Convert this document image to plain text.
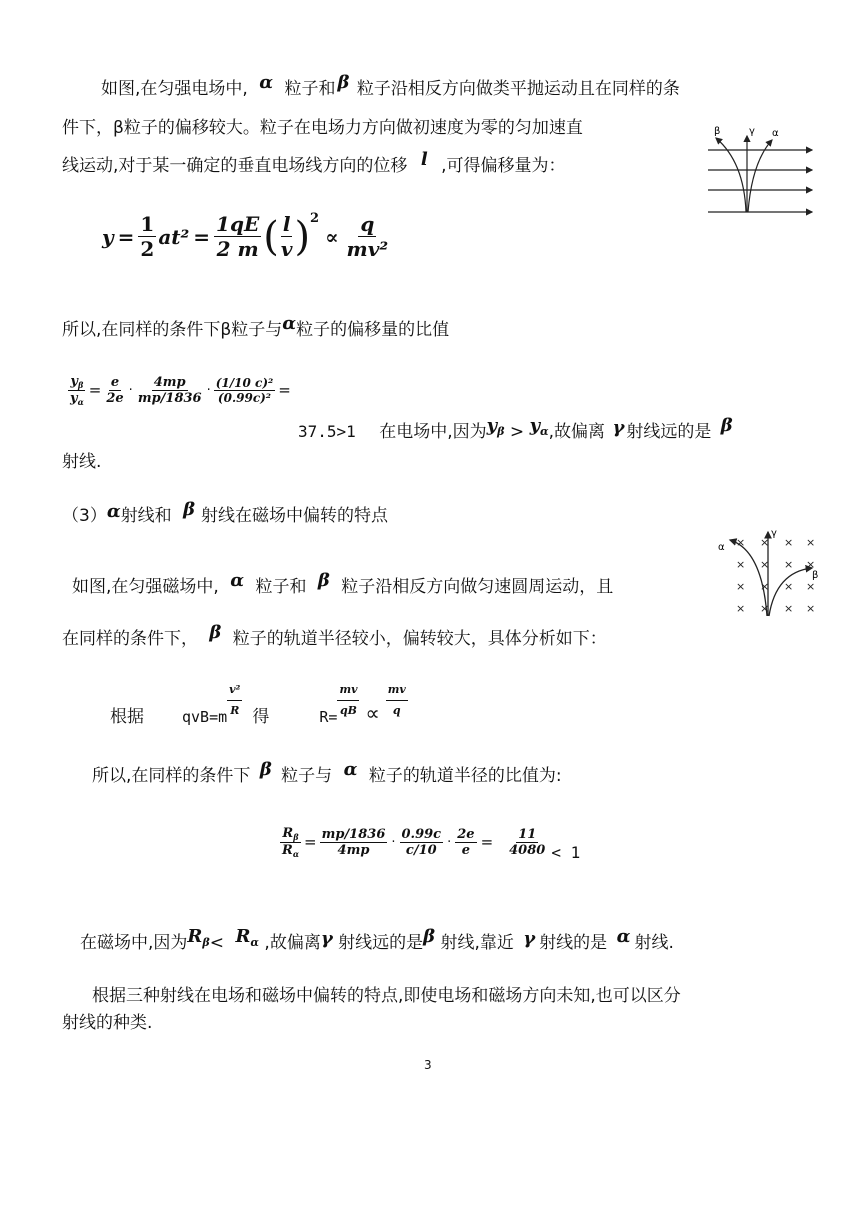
如图,在匀强电场中, α 粒子和 β 粒子沿相反方向做类平抛运动且在同样的条
件下，β粒子的偏移较大。粒子在电场力方向做初速度为零的匀加速直
线运动,对于某一确定的垂直电场线方向的位移 l ,可得偏移量为：
β	γ α
$y = \frac{1}{2} at^2 = \frac{1qE}{2 m}$ ( $\frac{l}{v}$ ) 2
∝ $\frac{q}{\text{mv²}}$
所以,在同样的条件下β粒子与α粒子的偏移量的比值
$\frac{y_\beta}{y_\alpha} = \frac{e}{2e} \cdot \frac{4mp}{mp/1836} \cdot \frac{\text{(1/10 c)²}}{\text{(0.99c)²}}$ =
37.5>1 在电场中,因为$y_\beta > y_\alpha$,故偏离 γ 射线远的是 β
射线.
（3）α射线和 β 射线在磁场中偏转的特点
× × × ×
× × × ×
× × × ×
× × × ×
α
γ
β
如图,在匀强磁场中, α 粒子和 β 粒子沿相反方向做匀速圆周运动，且
在同样的条件下， β 粒子的轨道半径较小，偏转较大，具体分析如下：
根据	$qvB=m \frac{\text{v²}}{R}$ 得	$R= \frac{mv}{qB} \propto \frac{mv}{q}$
所以,在同样的条件下 β 粒子与 α 粒子的轨道半径的比值为:
$\frac{R_\beta}{R_\alpha} = \frac{mp/1836}{4mp} \cdot \frac{0.99c}{c/10} \cdot \frac{2e}{e} = \frac{11}{4080} < 1$
在磁场中,因为$R_\beta< R_\alpha$ ,故偏离γ 射线远的是β 射线,靠近 γ 射线的是 α 射线.
根据三种射线在电场和磁场中偏转的特点,即使电场和磁场方向未知,也可以区分
射线的种类.
3
